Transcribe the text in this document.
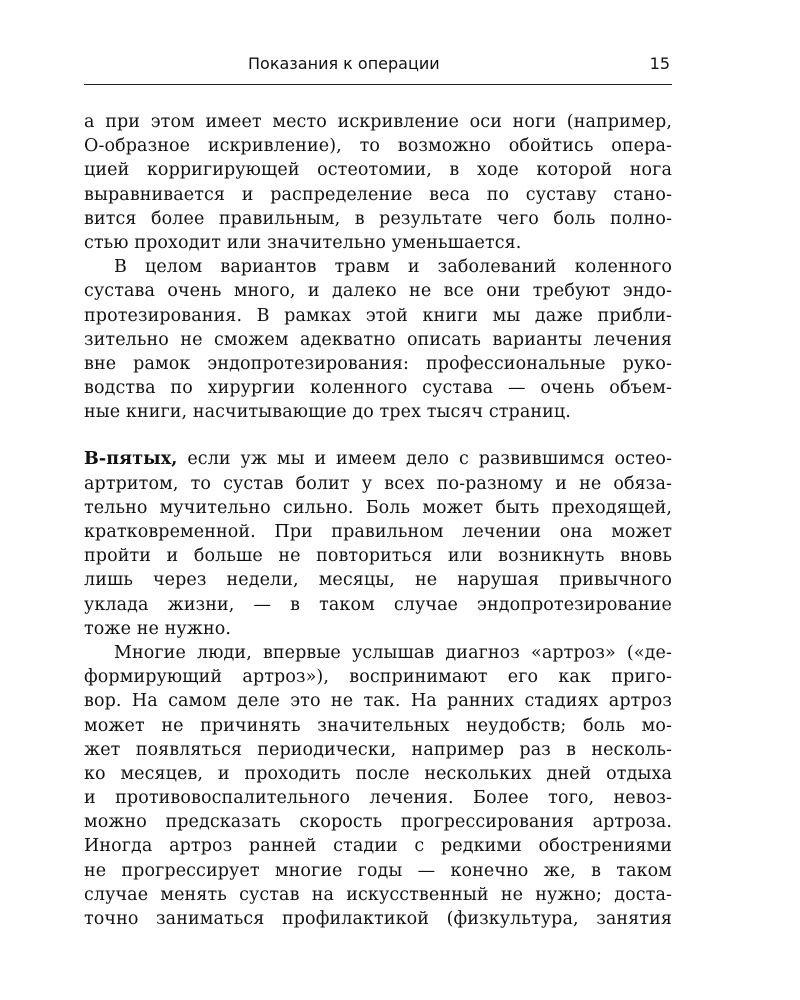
Показания к операции	15
а при этом имеет место искривление оси ноги (например,
О-образное искривление), то возможно обойтись опера-
цией корригирующей остеотомии, в ходе которой нога
выравнивается и распределение веса по суставу стано-
вится более правильным, в результате чего боль полно-
стью проходит или значительно уменьшается.
В целом вариантов травм и заболеваний коленного
сустава очень много, и далеко не все они требуют эндо-
протезирования. В рамках этой книги мы даже прибли-
зительно не сможем адекватно описать варианты лечения
вне рамок эндопротезирования: профессиональные руко-
водства по хирургии коленного сустава — очень объем-
ные книги, насчитывающие до трех тысяч страниц.
В-пятых, если уж мы и имеем дело с развившимся остео-
артритом, то сустав болит у всех по-разному и не обяза-
тельно мучительно сильно. Боль может быть преходящей,
кратковременной. При правильном лечении она может
пройти и больше не повториться или возникнуть вновь
лишь через недели, месяцы, не нарушая привычного
уклада жизни, — в таком случае эндопротезирование
тоже не нужно.
Многие люди, впервые услышав диагноз «артроз» («де-
формирующий артроз»), воспринимают его как приго-
вор. На самом деле это не так. На ранних стадиях артроз
может не причинять значительных неудобств; боль мо-
жет появляться периодически, например раз в несколь-
ко месяцев, и проходить после нескольких дней отдыха
и противовоспалительного лечения. Более того, невоз-
можно предсказать скорость прогрессирования артроза.
Иногда артроз ранней стадии с редкими обострениями
не прогрессирует многие годы — конечно же, в таком
случае менять сустав на искусственный не нужно; доста-
точно заниматься профилактикой (физкультура, занятия
